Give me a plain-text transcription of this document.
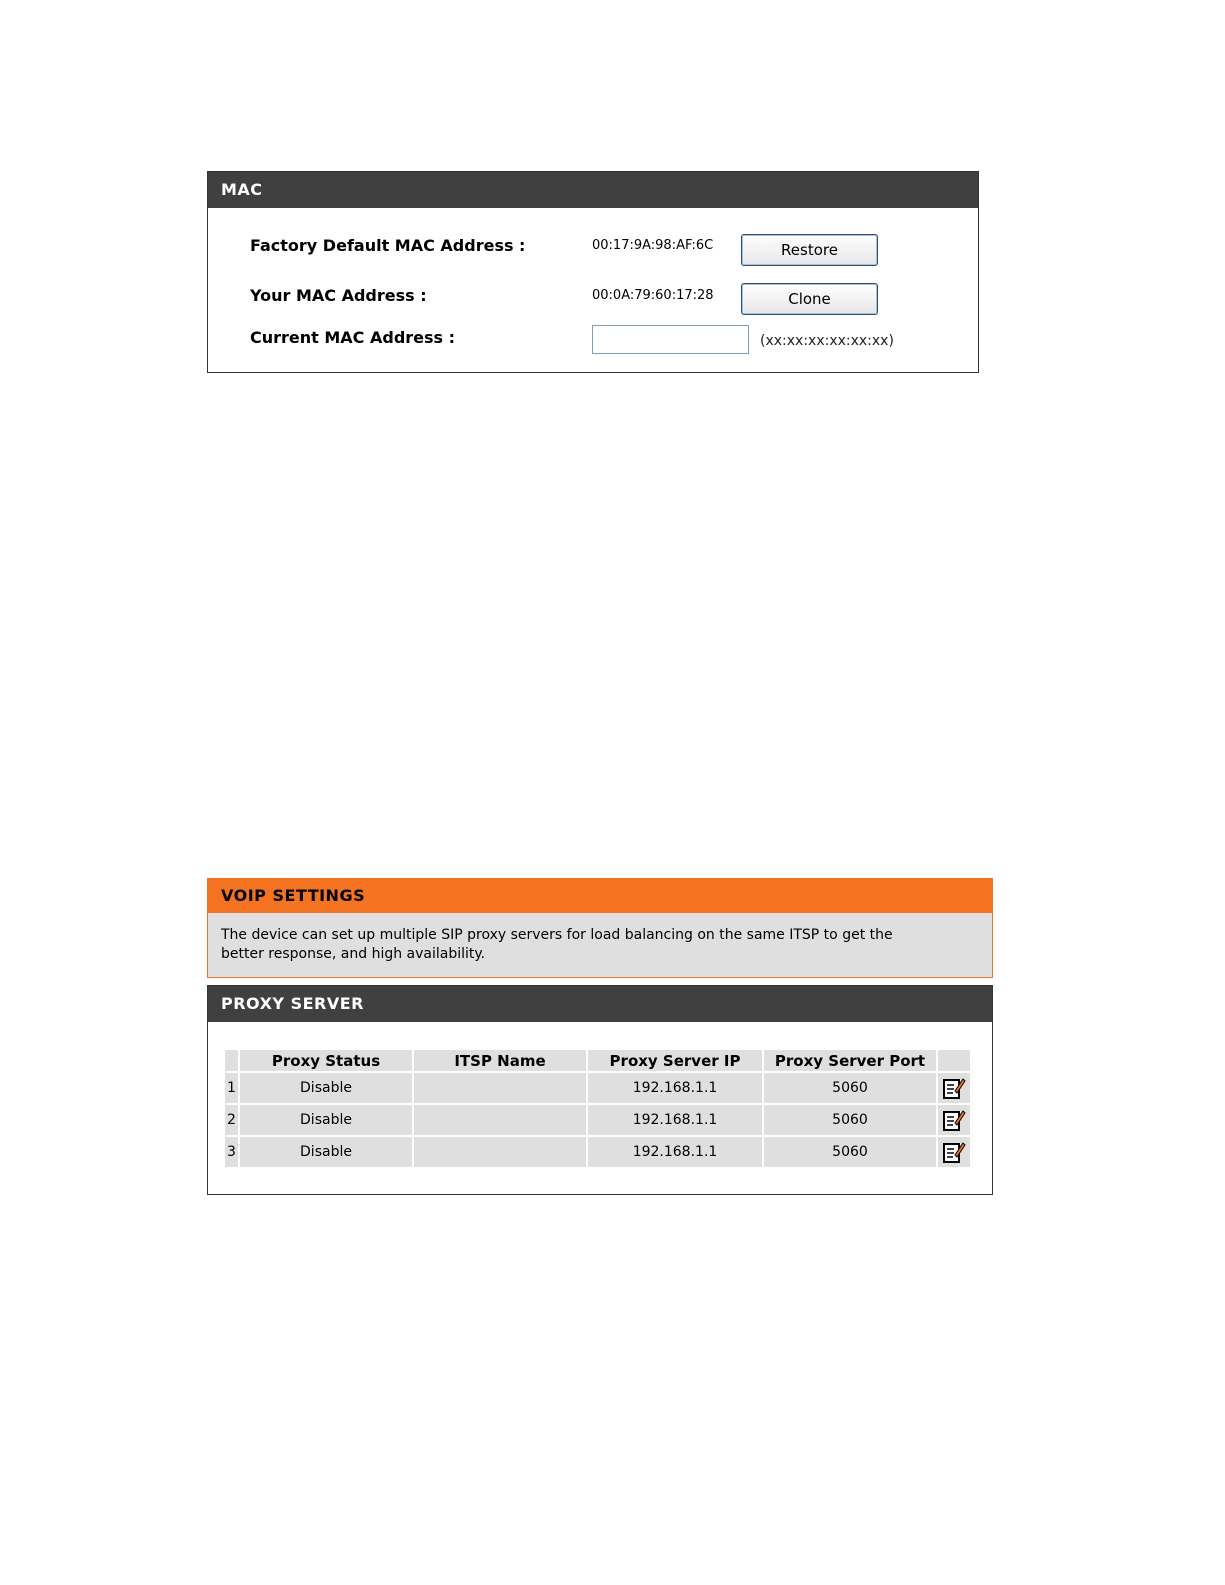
MAC
Factory Default MAC Address :	00:17:9A:98:AF:6C	Restore
Your MAC Address :	00:0A:79:60:17:28	Clone
Current MAC Address :	(xx:xx:xx:xx:xx:xx)
VOIP SETTINGS
The device can set up multiple SIP proxy servers for load balancing on the same ITSP to get the better response, and high availability.
PROXY SERVER
	Proxy Status	ITSP Name	Proxy Server IP	Proxy Server Port	
1	Disable		192.168.1.1	5060	
2	Disable		192.168.1.1	5060	
3	Disable		192.168.1.1	5060	
